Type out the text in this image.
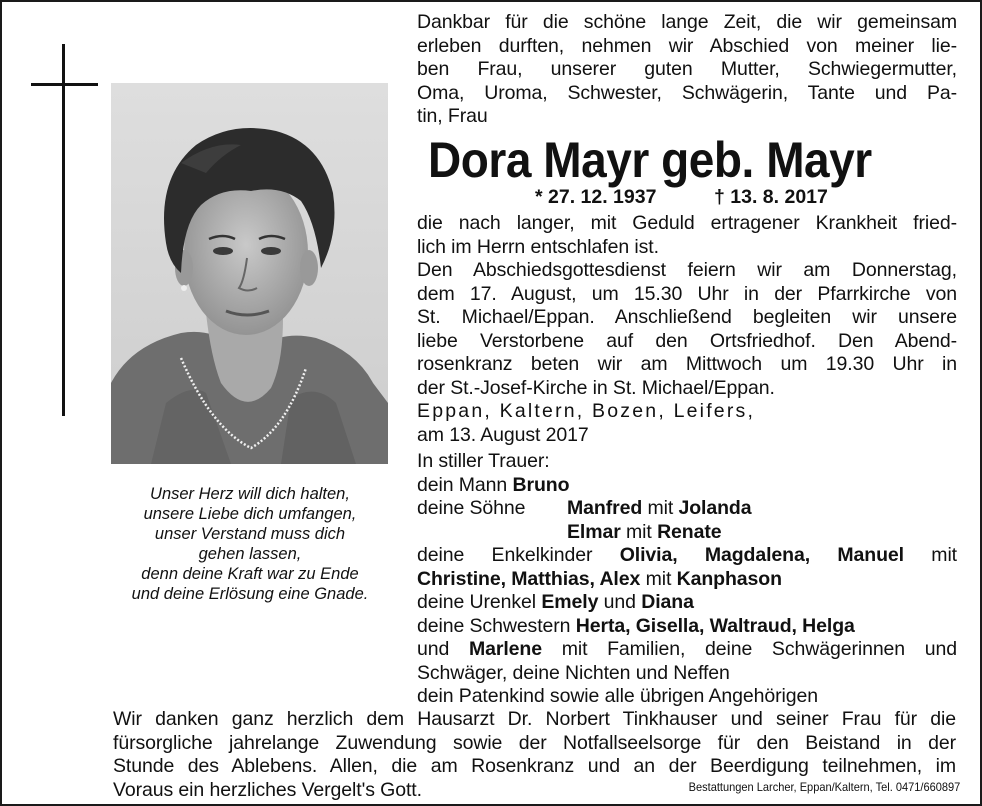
Unser Herz will dich halten,
unsere Liebe dich umfangen,
unser Verstand muss dich
gehen lassen,
denn deine Kraft war zu Ende
und deine Erlösung eine Gnade.
Dankbar für die schöne lange Zeit, die wir gemeinsam
erleben durften, nehmen wir Abschied von meiner lie-
ben Frau, unserer guten Mutter, Schwiegermutter,
Oma, Uroma, Schwester, Schwägerin, Tante und Pa-
tin, Frau
Dora Mayr geb. Mayr
* 27. 12. 1937	† 13. 8. 2017
die nach langer, mit Geduld ertragener Krankheit fried-
lich im Herrn entschlafen ist.
Den Abschiedsgottesdienst feiern wir am Donnerstag,
dem 17. August, um 15.30 Uhr in der Pfarrkirche von
St. Michael/Eppan. Anschließend begleiten wir unsere
liebe Verstorbene auf den Ortsfriedhof. Den Abend-
rosenkranz beten wir am Mittwoch um 19.30 Uhr in
der St.-Josef-Kirche in St. Michael/Eppan.
Eppan, Kaltern, Bozen, Leifers,
am 13. August 2017
In stiller Trauer:
dein Mann Bruno
deine Söhne Manfred mit Jolanda
Elmar mit Renate
deine Enkelkinder Olivia, Magdalena, Manuel mit
Christine, Matthias, Alex mit Kanphason
deine Urenkel Emely und Diana
deine Schwestern Herta, Gisella, Waltraud, Helga
und Marlene mit Familien, deine Schwägerinnen und
Schwäger, deine Nichten und Neffen
dein Patenkind sowie alle übrigen Angehörigen
Wir danken ganz herzlich dem Hausarzt Dr. Norbert Tinkhauser und seiner Frau für die
fürsorgliche jahrelange Zuwendung sowie der Notfallseelsorge für den Beistand in der
Stunde des Ablebens. Allen, die am Rosenkranz und an der Beerdigung teilnehmen, im
Voraus ein herzliches Vergelt's Gott.	Bestattungen Larcher, Eppan/Kaltern, Tel. 0471/660897
